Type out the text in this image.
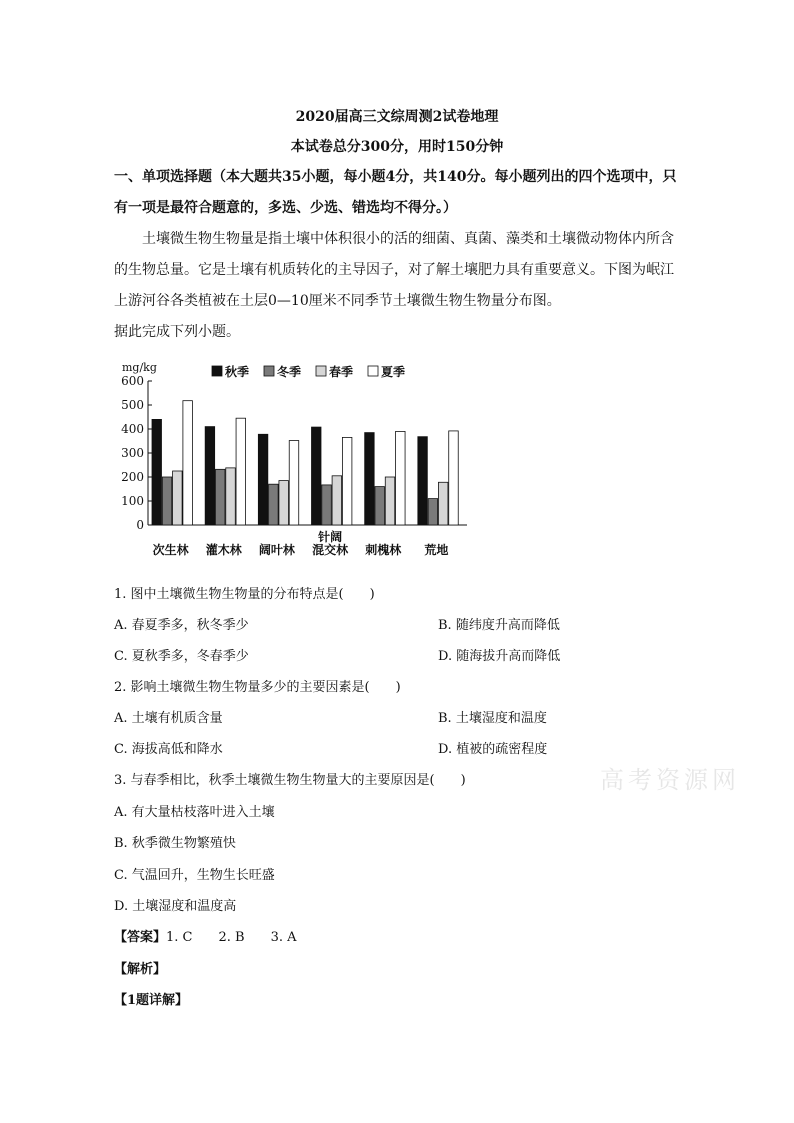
2020届高三文综周测2试卷地理
本试卷总分300分，用时150分钟
一、单项选择题（本大题共35小题，每小题4分，共140分。每小题列出的四个选项中，只
有一项是最符合题意的，多选、少选、错选均不得分。）
土壤微生物生物量是指土壤中体积很小的活的细菌、真菌、藻类和土壤微动物体内所含
的生物总量。它是土壤有机质转化的主导因子，对了解土壤肥力具有重要意义。下图为岷江
上游河谷各类植被在土层0—10厘米不同季节土壤微生物生物量分布图。
据此完成下列小题。
0
100
200
300
400
500
600
mg/kg	秋季 冬季 春季 夏季
次生林 灌木林 阔叶林
针阔
混交林 刺槐林 荒地
1. 图中土壤微生物生物量的分布特点是(　　)
A. 春夏季多，秋冬季少	B. 随纬度升高而降低
C. 夏秋季多，冬春季少	D. 随海拔升高而降低
2. 影响土壤微生物生物量多少的主要因素是(　　)
A. 土壤有机质含量	B. 土壤湿度和温度
C. 海拔高低和降水	D. 植被的疏密程度
3. 与春季相比，秋季土壤微生物生物量大的主要原因是(　　)
A. 有大量枯枝落叶进入土壤
B. 秋季微生物繁殖快
C. 气温回升，生物生长旺盛
D. 土壤湿度和温度高
【答案】1. C　　2. B　　3. A
【解析】
【1题详解】
高考资源网
